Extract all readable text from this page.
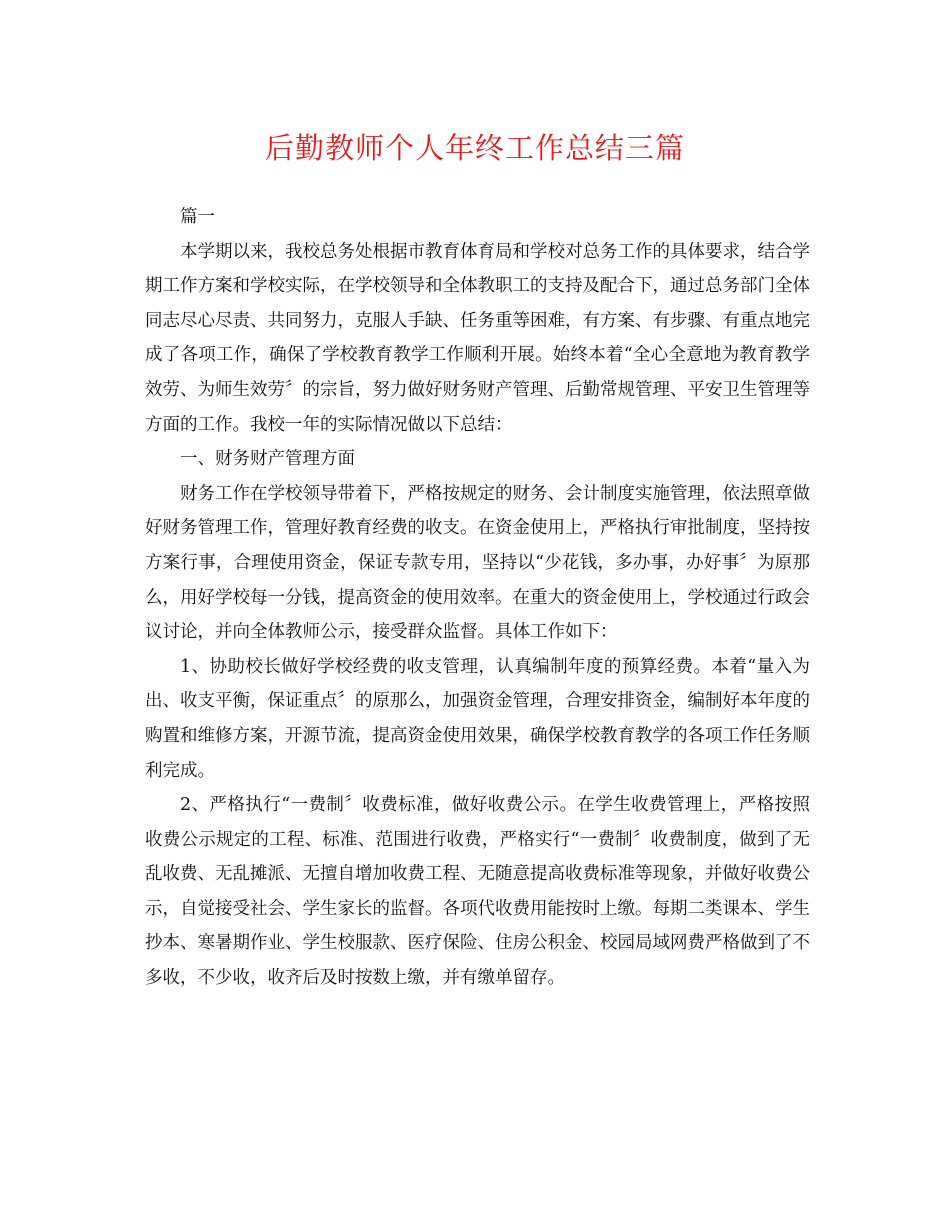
后勤教师个人年终工作总结三篇

篇一

本学期以来，我校总务处根据市教育体育局和学校对总务工作的具体要求，结合学期工作方案和学校实际，在学校领导和全体教职工的支持及配合下，通过总务部门全体同志尽心尽责、共同努力，克服人手缺、任务重等困难，有方案、有步骤、有重点地完成了各项工作，确保了学校教育教学工作顺利开展。始终本着“全心全意地为教育教学效劳、为师生效劳〞的宗旨，努力做好财务财产管理、后勤常规管理、平安卫生管理等方面的工作。我校一年的实际情况做以下总结：

一、财务财产管理方面

财务工作在学校领导带着下，严格按规定的财务、会计制度实施管理，依法照章做好财务管理工作，管理好教育经费的收支。在资金使用上，严格执行审批制度，坚持按方案行事，合理使用资金，保证专款专用，坚持以“少花钱，多办事，办好事〞为原那么，用好学校每一分钱，提高资金的使用效率。在重大的资金使用上，学校通过行政会议讨论，并向全体教师公示，接受群众监督。具体工作如下：

1、协助校长做好学校经费的收支管理，认真编制年度的预算经费。本着“量入为出、收支平衡，保证重点〞的原那么，加强资金管理，合理安排资金，编制好本年度的购置和维修方案，开源节流，提高资金使用效果，确保学校教育教学的各项工作任务顺利完成。

2、严格执行“一费制〞收费标准，做好收费公示。在学生收费管理上，严格按照收费公示规定的工程、标准、范围进行收费，严格实行“一费制〞收费制度，做到了无乱收费、无乱摊派、无擅自增加收费工程、无随意提高收费标准等现象，并做好收费公示，自觉接受社会、学生家长的监督。各项代收费用能按时上缴。每期二类课本、学生抄本、寒暑期作业、学生校服款、医疗保险、住房公积金、校园局域网费严格做到了不多收，不少收，收齐后及时按数上缴，并有缴单留存。
